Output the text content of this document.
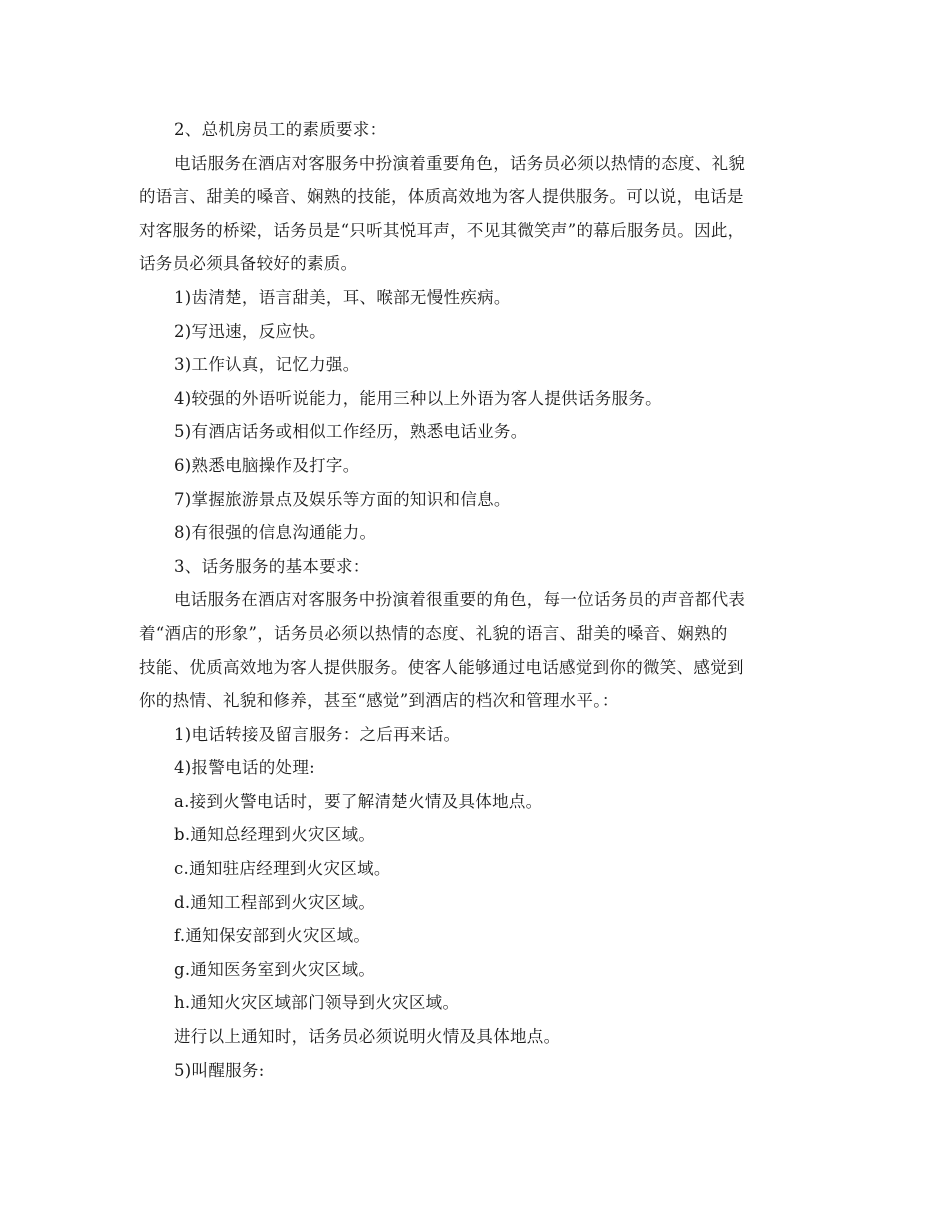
2、总机房员工的素质要求：
电话服务在酒店对客服务中扮演着重要角色，话务员必须以热情的态度、礼貌
的语言、甜美的嗓音、娴熟的技能，体质高效地为客人提供服务。可以说，电话是
对客服务的桥梁，话务员是“只听其悦耳声，不见其微笑声”的幕后服务员。因此，
话务员必须具备较好的素质。
1)齿清楚，语言甜美，耳、喉部无慢性疾病。
2)写迅速，反应快。
3)工作认真，记忆力强。
4)较强的外语听说能力，能用三种以上外语为客人提供话务服务。
5)有酒店话务或相似工作经历，熟悉电话业务。
6)熟悉电脑操作及打字。
7)掌握旅游景点及娱乐等方面的知识和信息。
8)有很强的信息沟通能力。
3、话务服务的基本要求：
电话服务在酒店对客服务中扮演着很重要的角色，每一位话务员的声音都代表
着“酒店的形象”，话务员必须以热情的态度、礼貌的语言、甜美的嗓音、娴熟的
技能、优质高效地为客人提供服务。使客人能够通过电话感觉到你的微笑、感觉到
你的热情、礼貌和修养，甚至“感觉”到酒店的档次和管理水平。：
1)电话转接及留言服务：之后再来话。
4)报警电话的处理:
a.接到火警电话时，要了解清楚火情及具体地点。
b.通知总经理到火灾区域。
c.通知驻店经理到火灾区域。
d.通知工程部到火灾区域。
f.通知保安部到火灾区域。
g.通知医务室到火灾区域。
h.通知火灾区域部门领导到火灾区域。
进行以上通知时，话务员必须说明火情及具体地点。
5)叫醒服务:
